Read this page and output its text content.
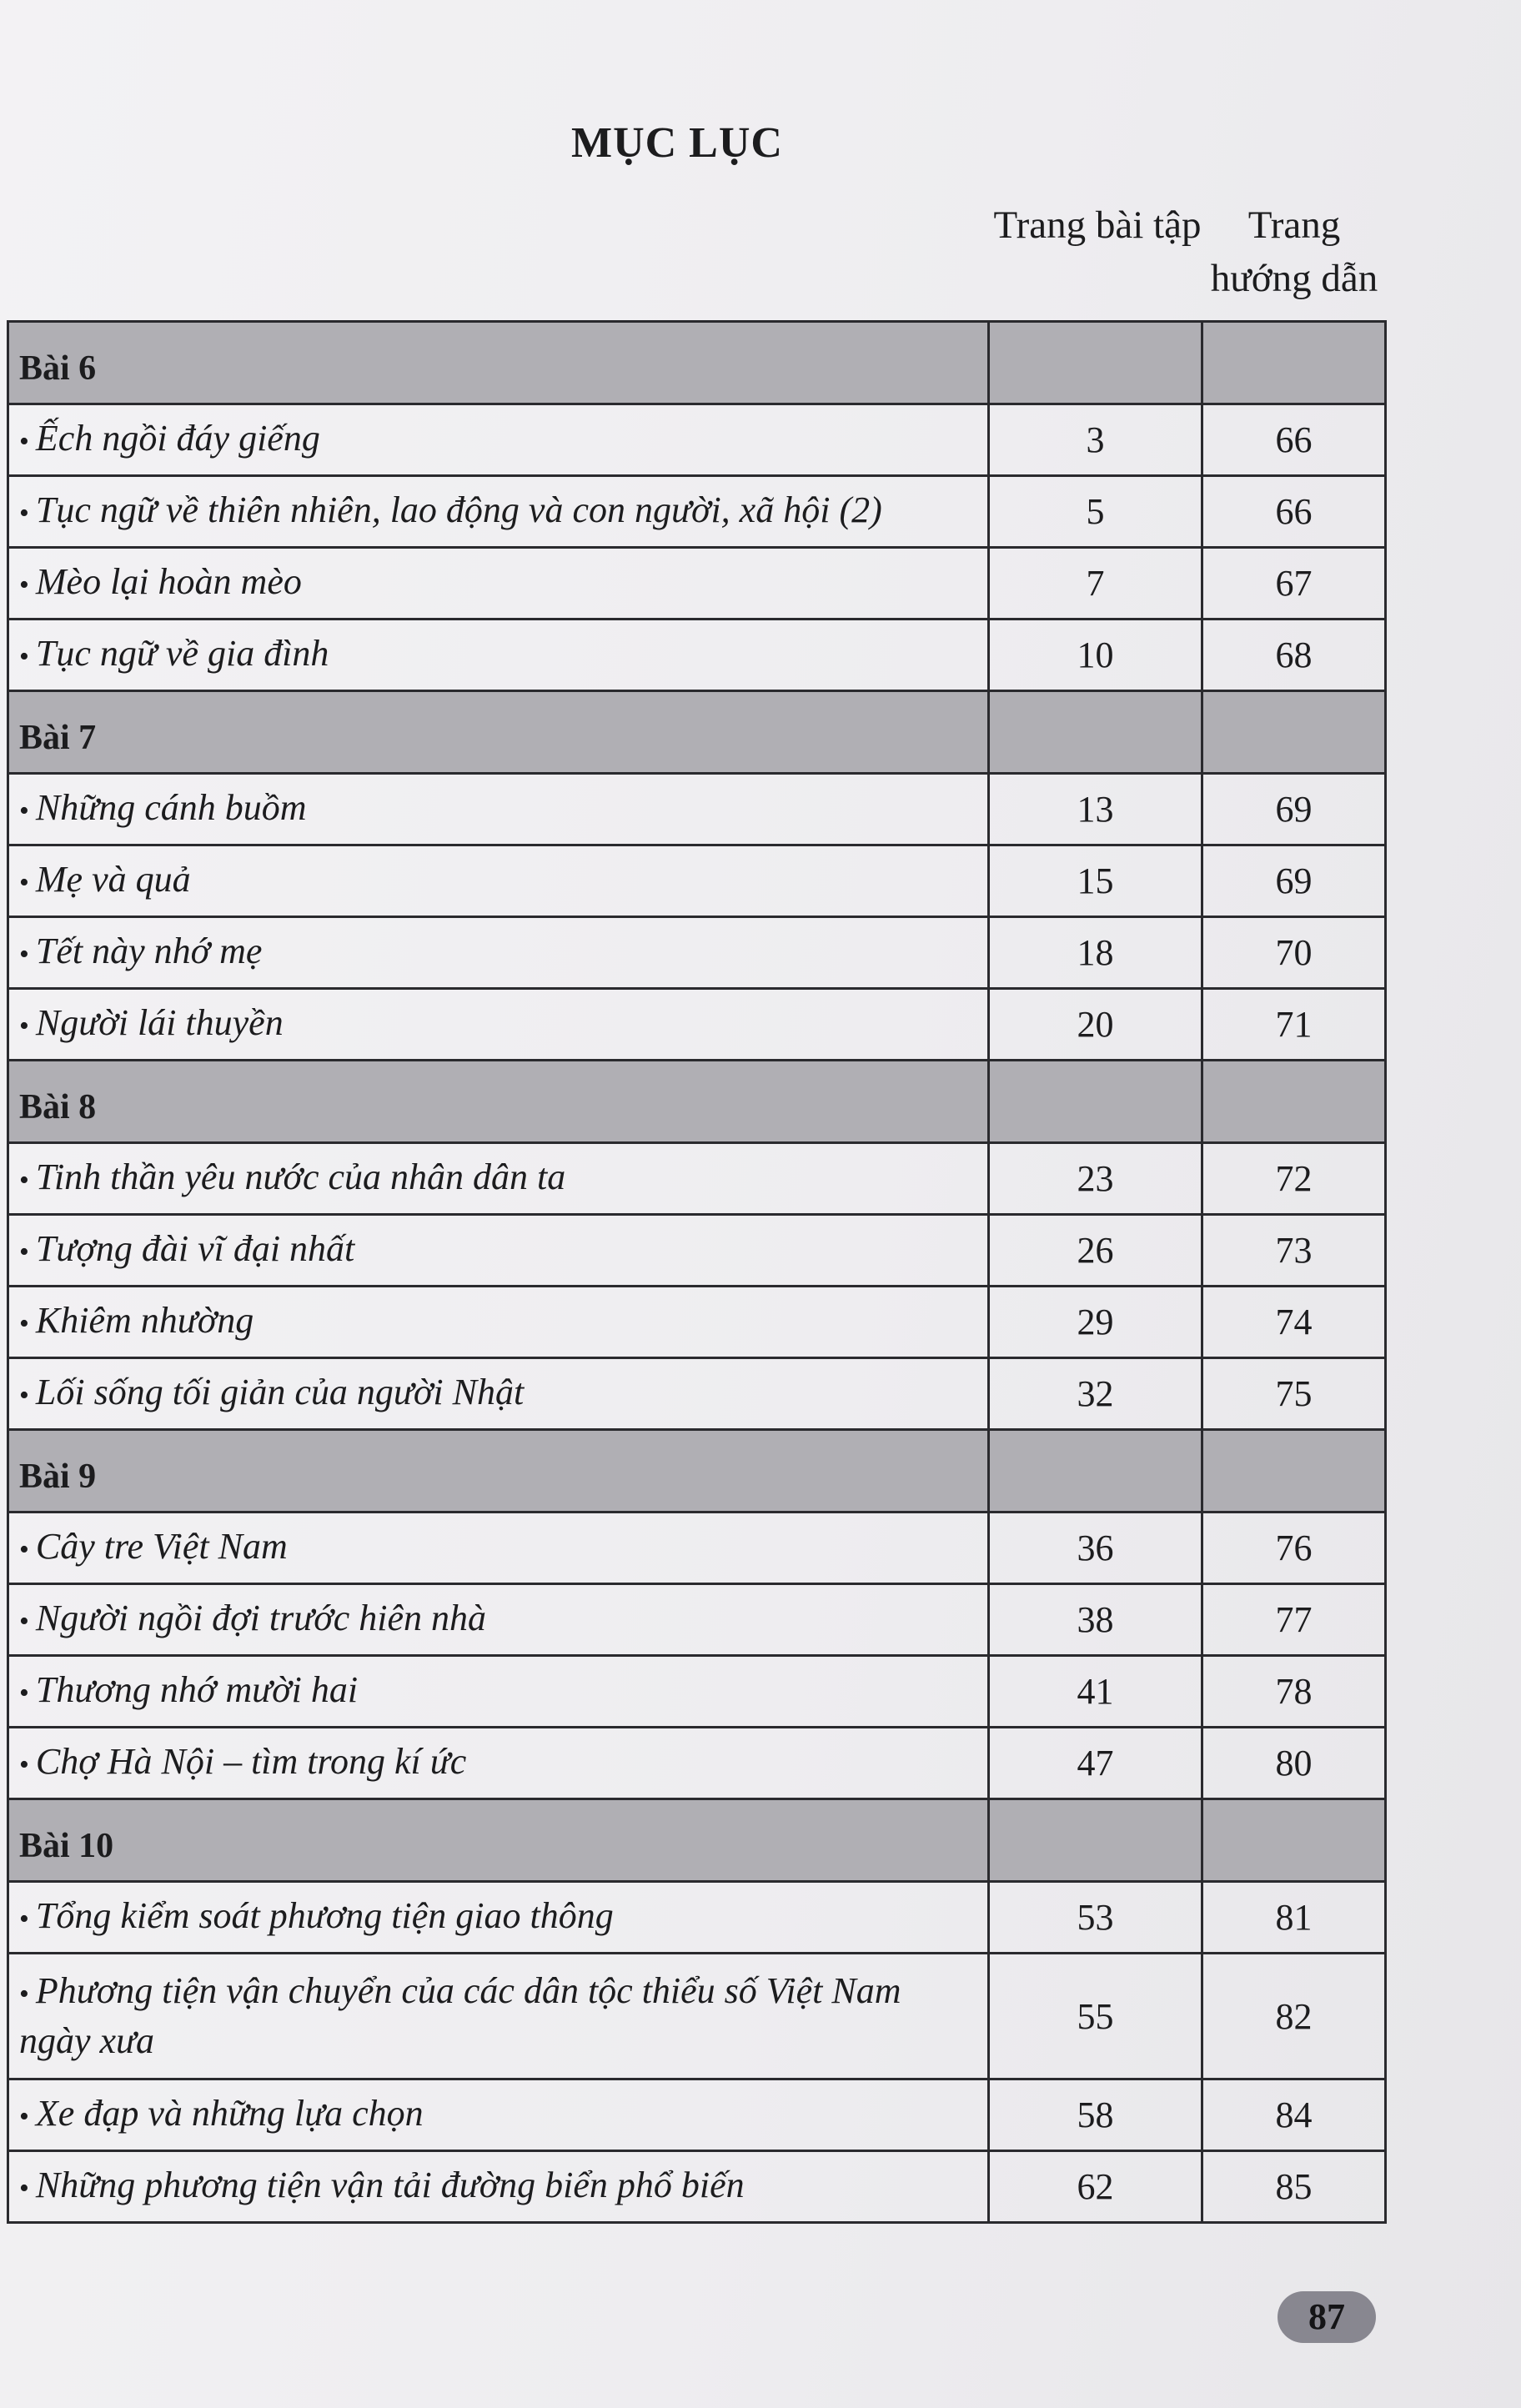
MỤC LỤC
Trang bài tập	Trang hướng dẫn
Bài 6		
• Ếch ngồi đáy giếng	3	66
• Tục ngữ về thiên nhiên, lao động và con người, xã hội (2)	5	66
• Mèo lại hoàn mèo	7	67
• Tục ngữ về gia đình	10	68
Bài 7		
• Những cánh buồm	13	69
• Mẹ và quả	15	69
• Tết này nhớ mẹ	18	70
• Người lái thuyền	20	71
Bài 8		
• Tinh thần yêu nước của nhân dân ta	23	72
• Tượng đài vĩ đại nhất	26	73
• Khiêm nhường	29	74
• Lối sống tối giản của người Nhật	32	75
Bài 9		
• Cây tre Việt Nam	36	76
• Người ngồi đợi trước hiên nhà	38	77
• Thương nhớ mười hai	41	78
• Chợ Hà Nội – tìm trong kí ức	47	80
Bài 10		
• Tổng kiểm soát phương tiện giao thông	53	81
• Phương tiện vận chuyển của các dân tộc thiểu số Việt Nam ngày xưa	55	82
• Xe đạp và những lựa chọn	58	84
• Những phương tiện vận tải đường biển phổ biến	62	85
87
